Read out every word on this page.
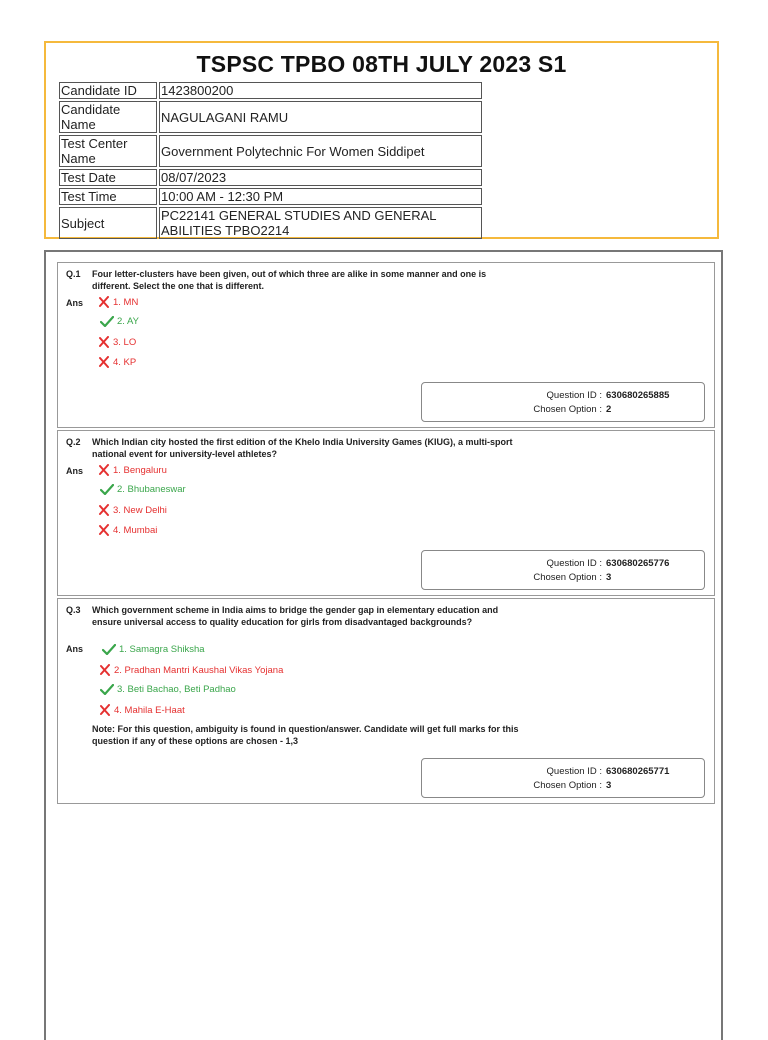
TSPSC TPBO 08TH JULY 2023 S1
Candidate ID	1423800200
Candidate Name	NAGULAGANI RAMU
Test Center Name	Government Polytechnic For Women Siddipet
Test Date	08/07/2023
Test Time	10:00 AM - 12:30 PM
Subject	PC22141 GENERAL STUDIES AND GENERAL ABILITIES TPBO2214
Q.1 Four letter-clusters have been given, out of which three are alike in some manner and one is different. Select the one that is different.
Ans	1. MN
2. AY
3. LO
4. KP
Question ID : 630680265885
Chosen Option : 2
Q.2 Which Indian city hosted the first edition of the Khelo India University Games (KIUG), a multi-sport national event for university-level athletes?
Ans	1. Bengaluru
2. Bhubaneswar
3. New Delhi
4. Mumbai
Question ID : 630680265776
Chosen Option : 3
Q.3 Which government scheme in India aims to bridge the gender gap in elementary education and ensure universal access to quality education for girls from disadvantaged backgrounds?
Ans	1. Samagra Shiksha
2. Pradhan Mantri Kaushal Vikas Yojana
3. Beti Bachao, Beti Padhao
4. Mahila E-Haat
Note: For this question, ambiguity is found in question/answer. Candidate will get full marks for this question if any of these options are chosen - 1,3
Question ID : 630680265771
Chosen Option : 3
